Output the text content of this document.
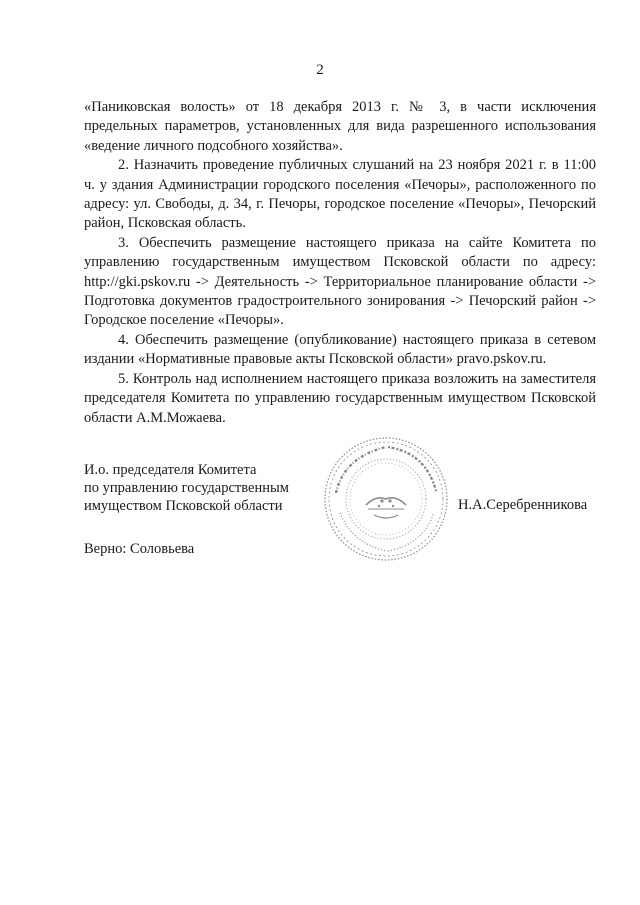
2

«Паниковская волость» от 18 декабря 2013 г. № 3, в части исключения предельных параметров, установленных для вида разрешенного использования «ведение личного подсобного хозяйства».

2. Назначить проведение публичных слушаний на 23 ноября 2021 г. в 11:00 ч. у здания Администрации городского поселения «Печоры», расположенного по адресу: ул. Свободы, д. 34, г. Печоры, городское поселение «Печоры», Печорский район, Псковская область.

3. Обеспечить размещение настоящего приказа на сайте Комитета по управлению государственным имуществом Псковской области по адресу: http://gki.pskov.ru -> Деятельность -> Территориальное планирование области -> Подготовка документов градостроительного зонирования -> Печорский район -> Городское поселение «Печоры».

4. Обеспечить размещение (опубликование) настоящего приказа в сетевом издании «Нормативные правовые акты Псковской области» pravo.pskov.ru.

5. Контроль над исполнением настоящего приказа возложить на заместителя председателя Комитета по управлению государственным имуществом Псковской области А.М.Можаева.

И.о. председателя Комитета
по управлению государственным
имуществом Псковской области	Н.А.Серебренникова
Верно: Соловьева
